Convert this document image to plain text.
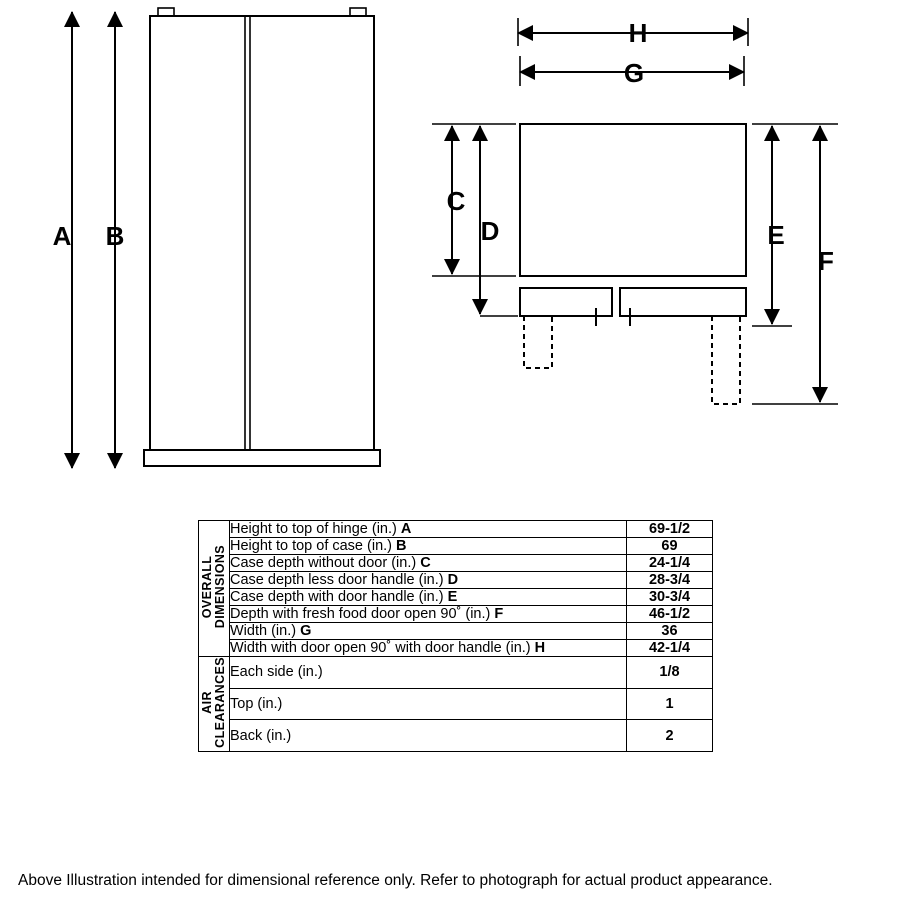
A B
H
G
C
D	E
F
OVERALL
DIMENSIONS	Height to top of hinge (in.) A	69-1/2
	Height to top of case (in.) B	69
	Case depth without door (in.) C	24-1/4
	Case depth less door handle (in.) D	28-3/4
	Case depth with door handle (in.) E	30-3/4
	Depth with fresh food door open 90˚ (in.) F	46-1/2
	Width (in.) G	36
	Width with door open 90˚ with door handle (in.) H	42-1/4
AIR
CLEARANCES	Each side (in.)	1/8
	Top (in.)	1
	Back (in.)	2
Above Illustration intended for dimensional reference only. Refer to photograph for actual product appearance.
